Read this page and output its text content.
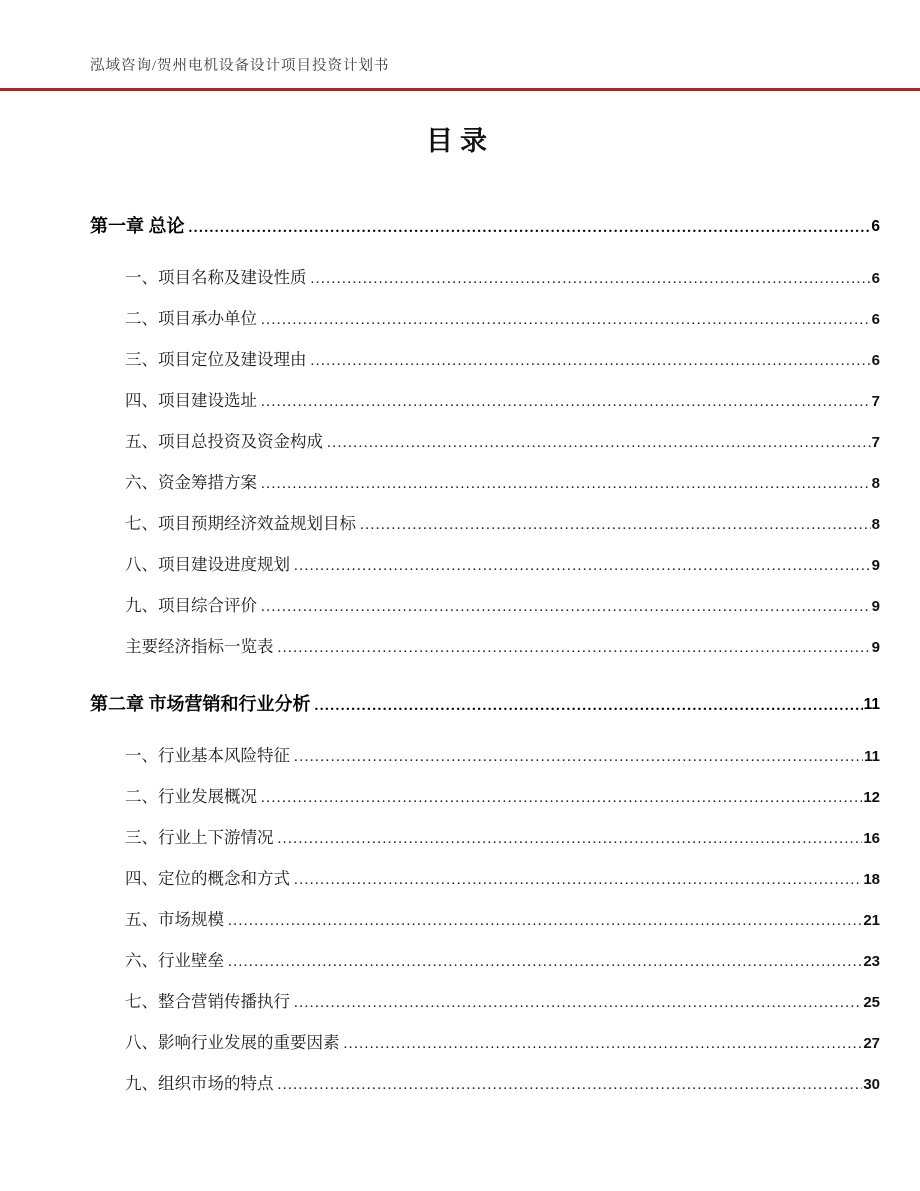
泓域咨询/贺州电机设备设计项目投资计划书
目录
第一章 总论 .....	6
一、项目名称及建设性质 .....	6
二、项目承办单位 .....	6
三、项目定位及建设理由 .....	6
四、项目建设选址 .....	7
五、项目总投资及资金构成 .....	7
六、资金筹措方案 .....	8
七、项目预期经济效益规划目标 .....	8
八、项目建设进度规划 .....	9
九、项目综合评价 .....	9
主要经济指标一览表 .....	9
第二章 市场营销和行业分析 .....	11
一、行业基本风险特征 .....	11
二、行业发展概况 .....	12
三、行业上下游情况 .....	16
四、定位的概念和方式 .....	18
五、市场规模 .....	21
六、行业壁垒 .....	23
七、整合营销传播执行 .....	25
八、影响行业发展的重要因素 .....	27
九、组织市场的特点 .....	30
